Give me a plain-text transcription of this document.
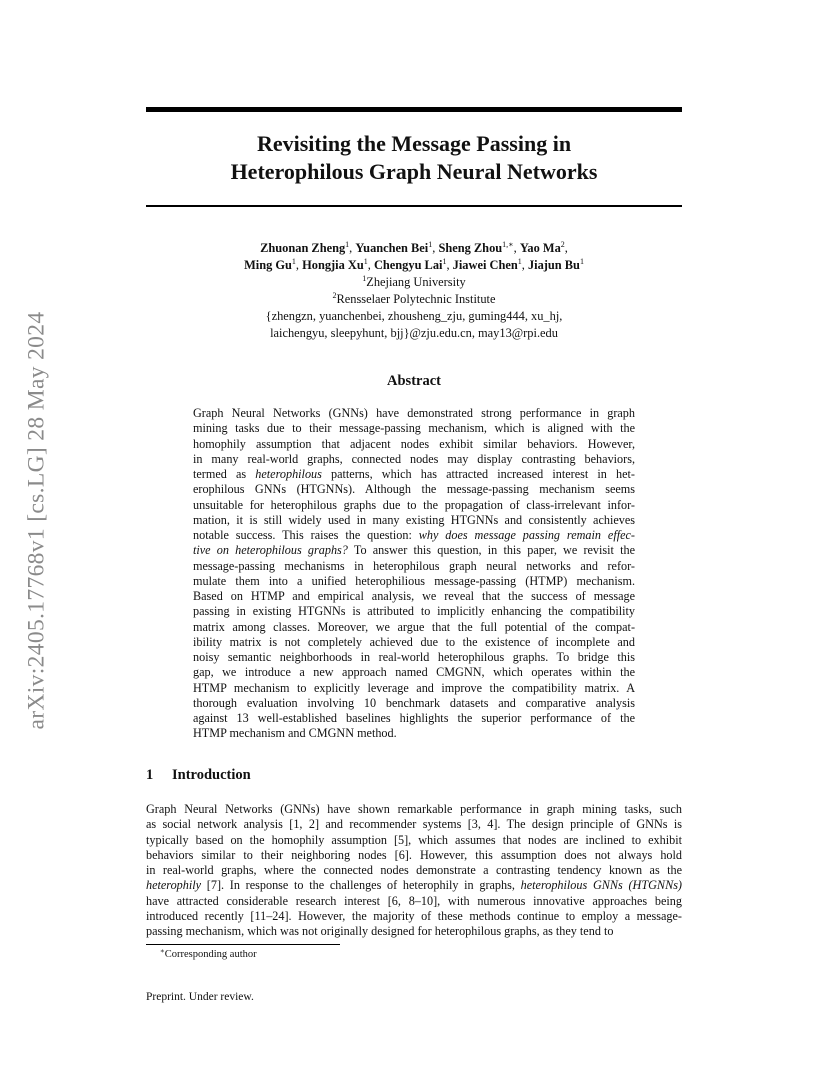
arXiv:2405.17768v1 [cs.LG] 28 May 2024
Revisiting the Message Passing in
Heterophilous Graph Neural Networks
Zhuonan Zheng$^1$, Yuanchen Bei$^1$, Sheng Zhou$^{1,∗}$, Yao Ma$^2$,
Ming Gu$^1$, Hongjia Xu$^1$, Chengyu Lai$^1$, Jiawei Chen$^1$, Jiajun Bu$^1$
$^1$Zhejiang University
$^2$Rensselaer Polytechnic Institute
{zhengzn, yuanchenbei, zhousheng_zju, guming444, xu_hj,
laichengyu, sleepyhunt, bjj}@zju.edu.cn, may13@rpi.edu
Abstract
Graph Neural Networks (GNNs) have demonstrated strong performance in graph
mining tasks due to their message-passing mechanism, which is aligned with the
homophily assumption that adjacent nodes exhibit similar behaviors. However,
in many real-world graphs, connected nodes may display contrasting behaviors,
termed as heterophilous patterns, which has attracted increased interest in het-
erophilous GNNs (HTGNNs). Although the message-passing mechanism seems
unsuitable for heterophilous graphs due to the propagation of class-irrelevant infor-
mation, it is still widely used in many existing HTGNNs and consistently achieves
notable success. This raises the question: why does message passing remain effec-
tive on heterophilous graphs? To answer this question, in this paper, we revisit the
message-passing mechanisms in heterophilous graph neural networks and refor-
mulate them into a unified heterophilious message-passing (HTMP) mechanism.
Based on HTMP and empirical analysis, we reveal that the success of message
passing in existing HTGNNs is attributed to implicitly enhancing the compatibility
matrix among classes. Moreover, we argue that the full potential of the compat-
ibility matrix is not completely achieved due to the existence of incomplete and
noisy semantic neighborhoods in real-world heterophilous graphs. To bridge this
gap, we introduce a new approach named CMGNN, which operates within the
HTMP mechanism to explicitly leverage and improve the compatibility matrix. A
thorough evaluation involving 10 benchmark datasets and comparative analysis
against 13 well-established baselines highlights the superior performance of the
HTMP mechanism and CMGNN method.
1 Introduction
Graph Neural Networks (GNNs) have shown remarkable performance in graph mining tasks, such
as social network analysis [1, 2] and recommender systems [3, 4]. The design principle of GNNs is
typically based on the homophily assumption [5], which assumes that nodes are inclined to exhibit
behaviors similar to their neighboring nodes [6]. However, this assumption does not always hold
in real-world graphs, where the connected nodes demonstrate a contrasting tendency known as the
heterophily [7]. In response to the challenges of heterophily in graphs, heterophilous GNNs (HTGNNs)
have attracted considerable research interest [6, 8–10], with numerous innovative approaches being
introduced recently [11–24]. However, the majority of these methods continue to employ a message-
passing mechanism, which was not originally designed for heterophilous graphs, as they tend to
∗Corresponding author
Preprint. Under review.
